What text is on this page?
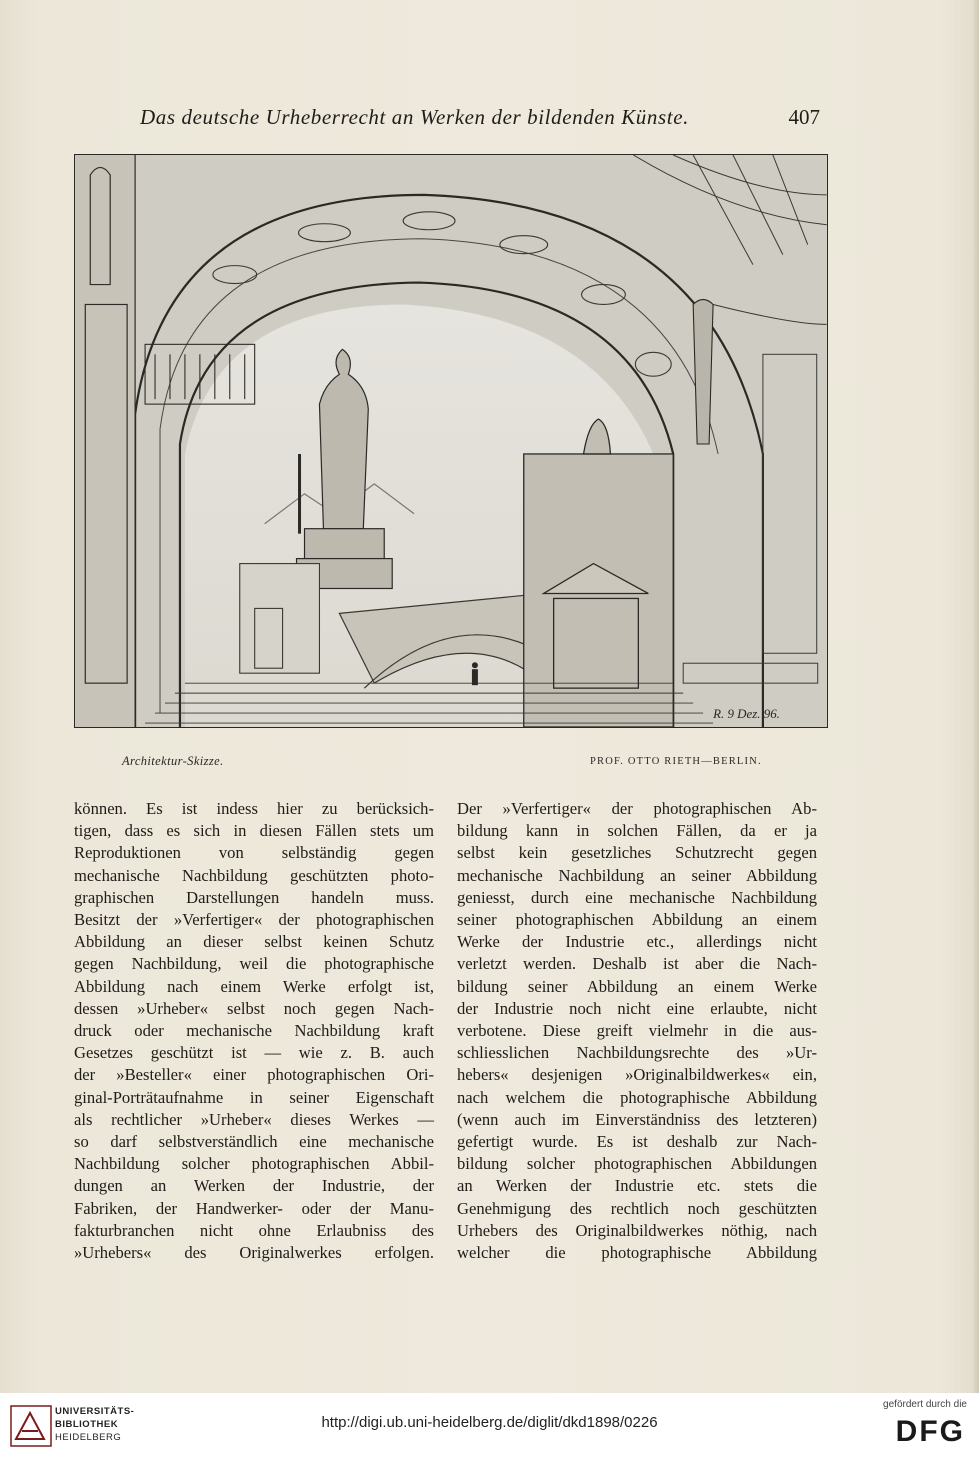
Das deutsche Urheberrecht an Werken der bildenden Künste.	407
R. 9 Dez. 96.
Architektur-Skizze.	PROF. OTTO RIETH—BERLIN.

können. Es ist indess hier zu berücksich-

tigen, dass es sich in diesen Fällen stets um

Reproduktionen von selbständig gegen

mechanische Nachbildung geschützten photo-

graphischen Darstellungen handeln muss.

Besitzt der »Verfertiger« der photographischen

Abbildung an dieser selbst keinen Schutz

gegen Nachbildung, weil die photographische

Abbildung nach einem Werke erfolgt ist,

dessen »Urheber« selbst noch gegen Nach-

druck oder mechanische Nachbildung kraft

Gesetzes geschützt ist — wie z. B. auch

der »Besteller« einer photographischen Ori-

ginal-Porträtaufnahme in seiner Eigenschaft

als rechtlicher »Urheber« dieses Werkes —

so darf selbstverständlich eine mechanische

Nachbildung solcher photographischen Abbil-

dungen an Werken der Industrie, der

Fabriken, der Handwerker- oder der Manu-

fakturbranchen nicht ohne Erlaubniss des

»Urhebers« des Originalwerkes erfolgen.

Der »Verfertiger« der photographischen Ab-

bildung kann in solchen Fällen, da er ja

selbst kein gesetzliches Schutzrecht gegen

mechanische Nachbildung an seiner Abbildung

geniesst, durch eine mechanische Nachbildung

seiner photographischen Abbildung an einem

Werke der Industrie etc., allerdings nicht

verletzt werden. Deshalb ist aber die Nach-

bildung seiner Abbildung an einem Werke

der Industrie noch nicht eine erlaubte, nicht

verbotene. Diese greift vielmehr in die aus-

schliesslichen Nachbildungsrechte des »Ur-

hebers« desjenigen »Originalbildwerkes« ein,

nach welchem die photographische Abbildung

(wenn auch im Einverständniss des letzteren)

gefertigt wurde. Es ist deshalb zur Nach-

bildung solcher photographischen Abbildungen

an Werken der Industrie etc. stets die

Genehmigung des rechtlich noch geschützten

Urhebers des Originalbildwerkes nöthig, nach

welcher die photographische Abbildung

UNIVERSITÄTS-
BIBLIOTHEK
HEIDELBERG
http://digi.ub.uni-heidelberg.de/diglit/dkd1898/0226
gefördert durch die
DFG
